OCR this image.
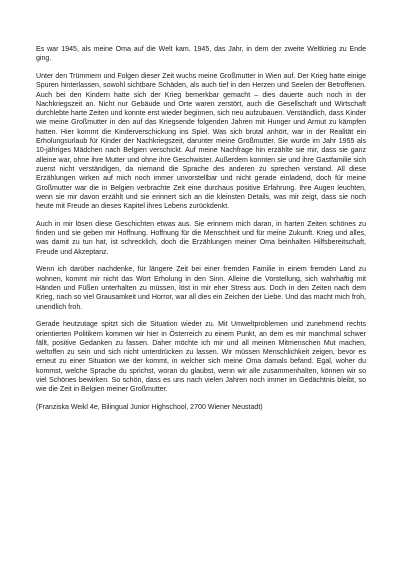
Es war 1945, als meine Oma auf die Welt kam. 1945, das Jahr, in dem der zweite Weltkrieg zu Ende ging.

Unter den Trümmern und Folgen dieser Zeit wuchs meine Großmutter in Wien auf. Der Krieg hatte einige Spuren hinterlassen, sowohl sichtbare Schäden, als auch tief in den Herzen und Seelen der Betroffenen. Auch bei den Kindern hatte sich der Krieg bemerkbar gemacht – dies dauerte auch noch in der Nachkriegszeit an. Nicht nur Gebäude und Orte waren zerstört, auch die Gesellschaft und Wirtschaft durchlebte harte Zeiten und konnte erst wieder beginnen, sich neu aufzubauen. Verständlich, dass Kinder wie meine Großmutter in den auf das Kriegsende folgenden Jahren mit Hunger und Armut zu kämpfen hatten. Hier kommt die Kinderverschickung ins Spiel. Was sich brutal anhört, war in der Realität ein Erholungsurlaub für Kinder der Nachkriegszeit, darunter meine Großmutter. Sie wurde im Jahr 1955 als 10-jähriges Mädchen nach Belgien verschickt. Auf meine Nachfrage hin erzählte sie mir, dass sie ganz alleine war, ohne ihre Mutter und ohne ihre Geschwister. Außerdem konnten sie und ihre Gastfamilie sich zuerst nicht verständigen, da niemand die Sprache des anderen zu sprechen verstand. All diese Erzählungen wirken auf mich noch immer unvorstellbar und nicht gerade einladend, doch für meine Großmutter war die in Belgien verbrachte Zeit eine durchaus positive Erfahrung. Ihre Augen leuchten, wenn sie mir davon erzählt und sie erinnert sich an die kleinsten Details, was mir zeigt, dass sie noch heute mit Freude an dieses Kapitel ihres Lebens zurückdenkt.

Auch in mir lösen diese Geschichten etwas aus. Sie erinnern mich daran, in harten Zeiten schönes zu finden und sie geben mir Hoffnung. Hoffnung für die Menschheit und für meine Zukunft. Krieg und alles, was damit zu tun hat, ist schrecklich, doch die Erzählungen meiner Oma beinhalten Hilfsbereitschaft, Freude und Akzeptanz.

Wenn ich darüber nachdenke, für längere Zeit bei einer fremden Familie in einem fremden Land zu wohnen, kommt mir nicht das Wort Erholung in den Sinn. Alleine die Vorstellung, sich wahrhaftig mit Händen und Füßen unterhalten zu müssen, löst in mir eher Stress aus. Doch in den Zeiten nach dem Krieg, nach so viel Grausamkeit und Horror, war all dies ein Zeichen der Liebe. Und das macht mich froh, unendlich froh.

Gerade heutzutage spitzt sich die Situation wieder zu. Mit Umweltproblemen und zunehmend rechts orientierten Politikern kommen wir hier in Österreich zu einem Punkt, an dem es mir manchmal schwer fällt, positive Gedanken zu fassen. Daher möchte ich mir und all meinen Mitmenschen Mut machen, weltoffen zu sein und sich nicht unterdrücken zu lassen. Wir müssen Menschlichkeit zeigen, bevor es erneut zu einer Situation wie der kommt, in welcher sich meine Oma damals befand. Egal, woher du kommst, welche Sprache du sprichst, woran du glaubst, wenn wir alle zusammenhalten, können wir so viel Schönes bewirken. So schön, dass es uns nach vielen Jahren noch immer im Gedächtnis bleibt, so wie die Zeit in Belgien meiner Großmutter.

(Franziska Weikl 4e, Bilingual Junior Highschool, 2700 Wiener Neustadt)
